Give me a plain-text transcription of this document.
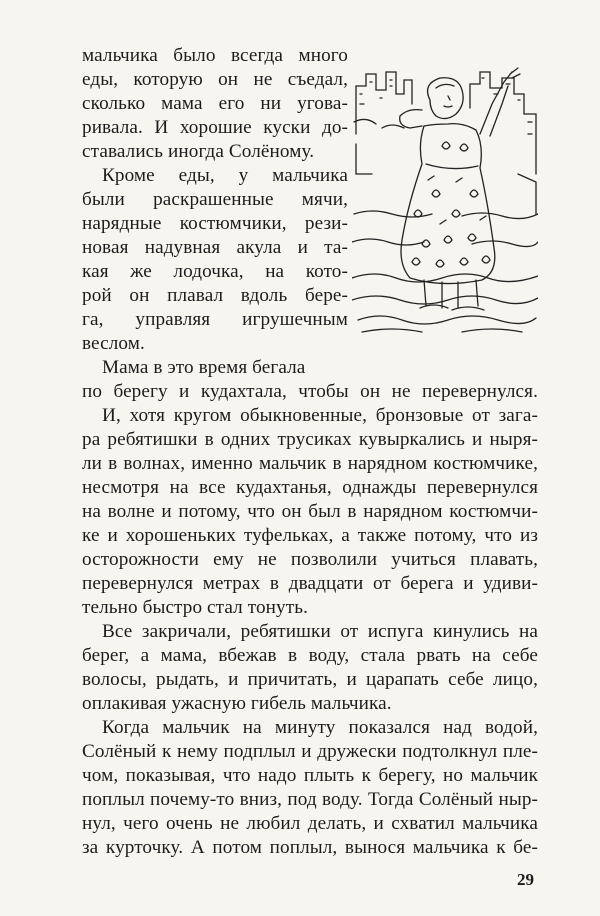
мальчика было всегда много
еды, которую он не съедал,
сколько мама его ни угова-
ривала. И хорошие куски до-
ставались иногда Солёному.
Кроме еды, у мальчика
были раскрашенные мячи,
нарядные костюмчики, рези-
новая надувная акула и та-
кая же лодочка, на кото-
рой он плавал вдоль бере-
га, управляя игрушечным
веслом.
Мама в это время бегала
по берегу и кудахтала, чтобы он не перевернулся.
И, хотя кругом обыкновенные, бронзовые от зага-
ра ребятишки в одних трусиках кувыркались и ныря-
ли в волнах, именно мальчик в нарядном костюмчике,
несмотря на все кудахтанья, однажды перевернулся
на волне и потому, что он был в нарядном костюмчи-
ке и хорошеньких туфельках, а также потому, что из
осторожности ему не позволили учиться плавать,
перевернулся метрах в двадцати от берега и удиви-
тельно быстро стал тонуть.
Все закричали, ребятишки от испуга кинулись на
берег, а мама, вбежав в воду, стала рвать на себе
волосы, рыдать, и причитать, и царапать себе лицо,
оплакивая ужасную гибель мальчика.
Когда мальчик на минуту показался над водой,
Солёный к нему подплыл и дружески подтолкнул пле-
чом, показывая, что надо плыть к берегу, но мальчик
поплыл почему-то вниз, под воду. Тогда Солёный ныр-
нул, чего очень не любил делать, и схватил мальчика
за курточку. А потом поплыл, вынося мальчика к бе-
29
